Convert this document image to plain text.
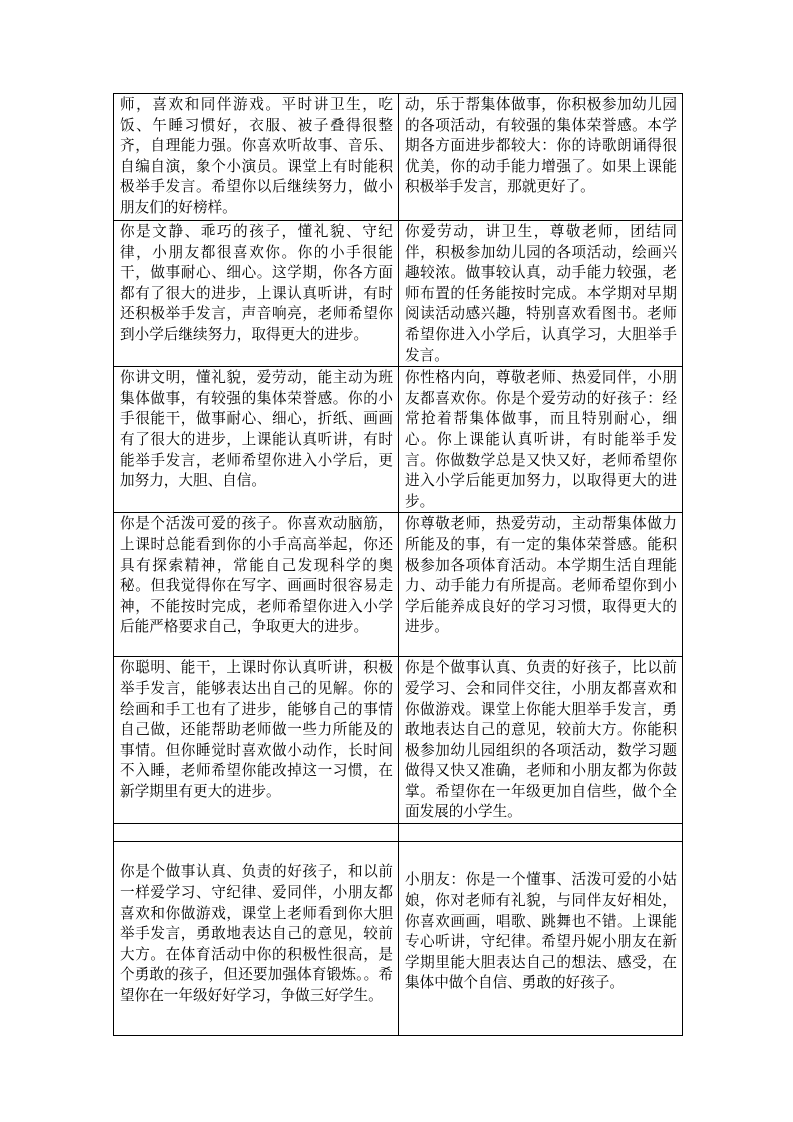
师，喜欢和同伴游戏。平时讲卫生，吃饭、午睡习惯好，衣服、被子叠得很整齐，自理能力强。你喜欢听故事、音乐、自编自演，象个小演员。课堂上有时能积极举手发言。希望你以后继续努力，做小朋友们的好榜样。	动，乐于帮集体做事，你积极参加幼儿园的各项活动，有较强的集体荣誉感。本学期各方面进步都较大：你的诗歌朗诵得很优美，你的动手能力增强了。如果上课能积极举手发言，那就更好了。
你是文静、乖巧的孩子，懂礼貌、守纪律，小朋友都很喜欢你。你的小手很能干，做事耐心、细心。这学期，你各方面都有了很大的进步，上课认真听讲，有时还积极举手发言，声音响亮，老师希望你到小学后继续努力，取得更大的进步。	你爱劳动，讲卫生，尊敬老师，团结同伴，积极参加幼儿园的各项活动，绘画兴趣较浓。做事较认真，动手能力较强，老师布置的任务能按时完成。本学期对早期阅读活动感兴趣，特别喜欢看图书。老师希望你进入小学后，认真学习，大胆举手发言。
你讲文明，懂礼貌，爱劳动，能主动为班集体做事，有较强的集体荣誉感。你的小手很能干，做事耐心、细心，折纸、画画有了很大的进步，上课能认真听讲，有时能举手发言，老师希望你进入小学后，更加努力，大胆、自信。	你性格内向，尊敬老师、热爱同伴，小朋友都喜欢你。你是个爱劳动的好孩子：经常抢着帮集体做事，而且特别耐心，细心。你上课能认真听讲，有时能举手发言。你做数学总是又快又好，老师希望你进入小学后能更加努力，以取得更大的进步。
你是个活泼可爱的孩子。你喜欢动脑筋，上课时总能看到你的小手高高举起，你还具有探索精神，常能自己发现科学的奥秘。但我觉得你在写字、画画时很容易走神，不能按时完成，老师希望你进入小学后能严格要求自己，争取更大的进步。	你尊敬老师，热爱劳动，主动帮集体做力所能及的事，有一定的集体荣誉感。能积极参加各项体育活动。本学期生活自理能力、动手能力有所提高。老师希望你到小学后能养成良好的学习习惯，取得更大的进步。
你聪明、能干，上课时你认真听讲，积极举手发言，能够表达出自己的见解。你的绘画和手工也有了进步，能够自己的事情自己做，还能帮助老师做一些力所能及的事情。但你睡觉时喜欢做小动作，长时间不入睡，老师希望你能改掉这一习惯，在新学期里有更大的进步。	你是个做事认真、负责的好孩子，比以前爱学习、会和同伴交往，小朋友都喜欢和你做游戏。课堂上你能大胆举手发言，勇敢地表达自己的意见，较前大方。你能积极参加幼儿园组织的各项活动，数学习题做得又快又准确，老师和小朋友都为你鼓掌。希望你在一年级更加自信些，做个全面发展的小学生。

你是个做事认真、负责的好孩子，和以前一样爱学习、守纪律、爱同伴，小朋友都喜欢和你做游戏，课堂上老师看到你大胆举手发言，勇敢地表达自己的意见，较前大方。在体育活动中你的积极性很高，是个勇敢的孩子，但还要加强体育锻炼。。希望你在一年级好好学习，争做三好学生。	小朋友：你是一个懂事、活泼可爱的小姑娘，你对老师有礼貌，与同伴友好相处，你喜欢画画，唱歌、跳舞也不错。上课能专心听讲，守纪律。希望丹妮小朋友在新学期里能大胆表达自己的想法、感受，在集体中做个自信、勇敢的好孩子。
